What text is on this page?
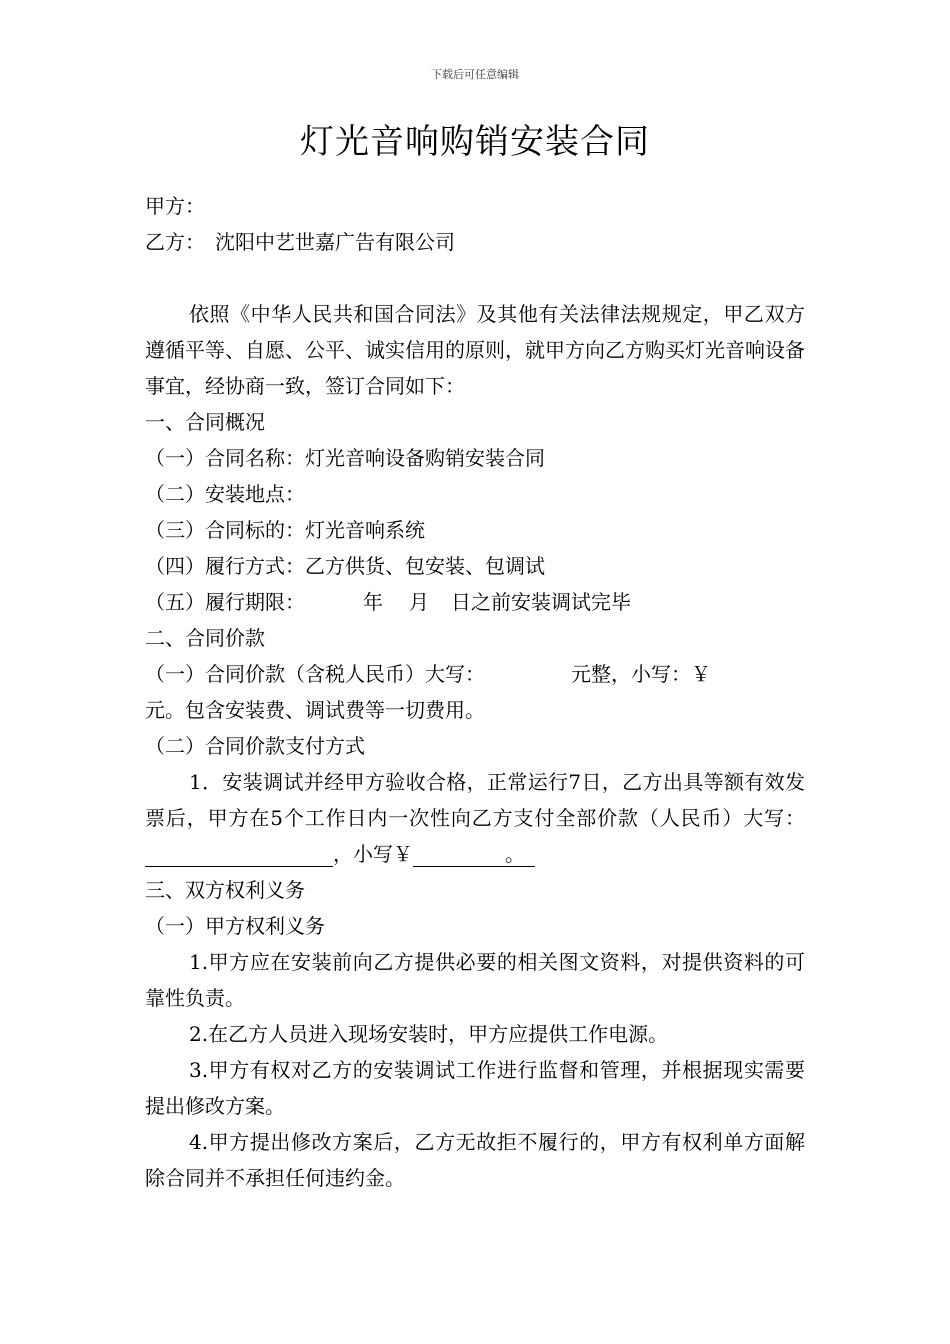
下载后可任意编辑
灯光音响购销安装合同

甲方：

乙方： 沈阳中艺世嘉广告有限公司

依照《中华人民共和国合同法》及其他有关法律法规规定，甲乙双方遵循平等、自愿、公平、诚实信用的原则，就甲方向乙方购买灯光音响设备事宜，经协商一致，签订合同如下：

一、合同概况

（一）合同名称：灯光音响设备购销安装合同

（二）安装地点：

（三）合同标的：灯光音响系统

（四）履行方式：乙方供货、包安装、包调试

（五）履行期限：	年 月 日之前安装调试完毕

二、合同价款

（一）合同价款（含税人民币）大写：	元整，小写：￥

元。包含安装费、调试费等一切费用。

（二）合同价款支付方式

1．安装调试并经甲方验收合格，正常运行7日，乙方出具等额有效发票后，甲方在5个工作日内一次性向乙方支付全部价款（人民币）大写： ，小写￥	。

三、双方权利义务

（一）甲方权利义务

1.甲方应在安装前向乙方提供必要的相关图文资料，对提供资料的可靠性负责。

2.在乙方人员进入现场安装时，甲方应提供工作电源。

3.甲方有权对乙方的安装调试工作进行监督和管理，并根据现实需要提出修改方案。

4.甲方提出修改方案后，乙方无故拒不履行的，甲方有权利单方面解除合同并不承担任何违约金。
